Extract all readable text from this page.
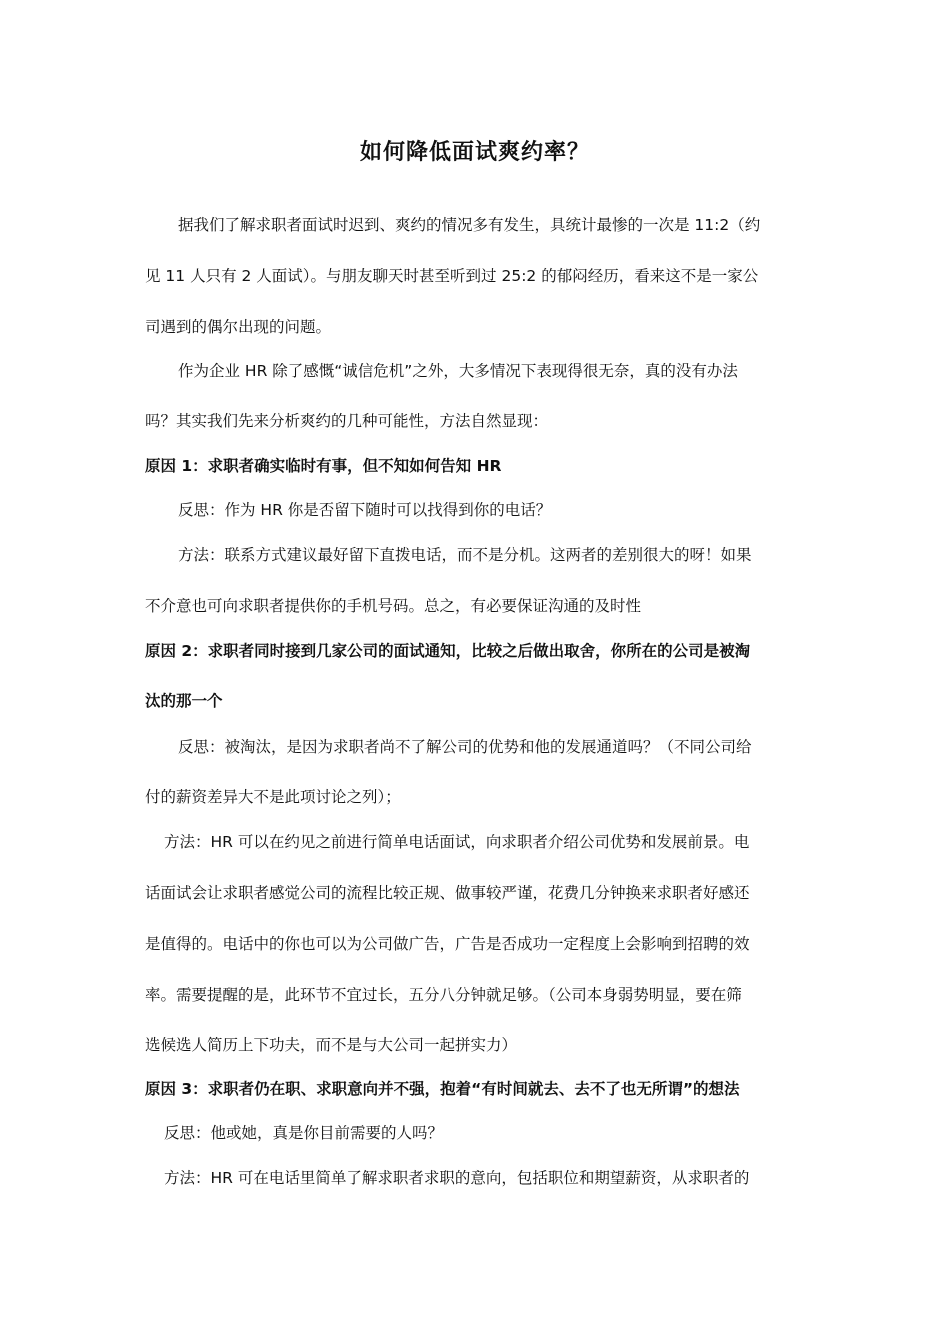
如何降低面试爽约率？
据我们了解求职者面试时迟到、爽约的情况多有发生，具统计最惨的一次是 11:2（约
见 11 人只有 2 人面试）。与朋友聊天时甚至听到过 25:2 的郁闷经历，看来这不是一家公
司遇到的偶尔出现的问题。
作为企业 HR 除了感慨“诚信危机”之外，大多情况下表现得很无奈，真的没有办法
吗？其实我们先来分析爽约的几种可能性，方法自然显现：
原因 1：求职者确实临时有事，但不知如何告知 HR
反思：作为 HR 你是否留下随时可以找得到你的电话？
方法：联系方式建议最好留下直拨电话，而不是分机。这两者的差别很大的呀！如果
不介意也可向求职者提供你的手机号码。总之，有必要保证沟通的及时性
原因 2：求职者同时接到几家公司的面试通知，比较之后做出取舍，你所在的公司是被淘
汰的那一个
反思：被淘汰，是因为求职者尚不了解公司的优势和他的发展通道吗？（不同公司给
付的薪资差异大不是此项讨论之列）；
方法：HR 可以在约见之前进行简单电话面试，向求职者介绍公司优势和发展前景。电
话面试会让求职者感觉公司的流程比较正规、做事较严谨，花费几分钟换来求职者好感还
是值得的。电话中的你也可以为公司做广告，广告是否成功一定程度上会影响到招聘的效
率。需要提醒的是，此环节不宜过长，五分八分钟就足够。（公司本身弱势明显，要在筛
选候选人简历上下功夫，而不是与大公司一起拼实力）
原因 3：求职者仍在职、求职意向并不强，抱着“有时间就去、去不了也无所谓”的想法
反思：他或她，真是你目前需要的人吗？
方法：HR 可在电话里简单了解求职者求职的意向，包括职位和期望薪资，从求职者的
